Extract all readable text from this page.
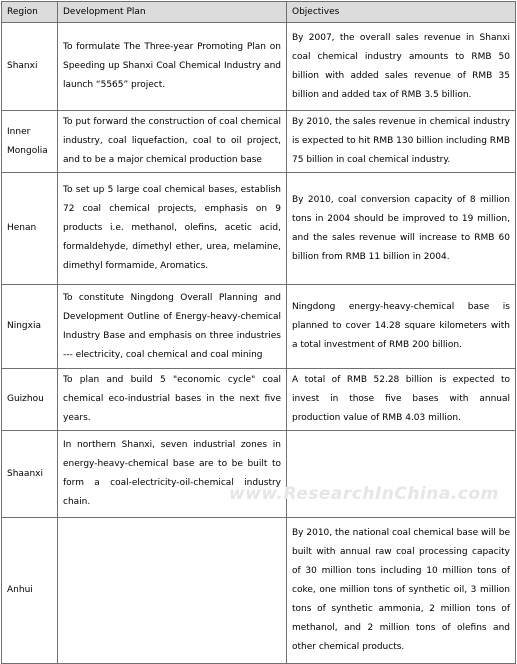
Region	Development Plan	Objectives
Shanxi	To formulate The Three-year Promoting Plan on Speeding up Shanxi Coal Chemical Industry and launch “5565” project.	By 2007, the overall sales revenue in Shanxi coal chemical industry amounts to RMB 50 billion with added sales revenue of RMB 35 billion and added tax of RMB 3.5 billion.
Inner Mongolia	To put forward the construction of coal chemical industry, coal liquefaction, coal to oil project, and to be a major chemical production base	By 2010, the sales revenue in chemical industry is expected to hit RMB 130 billion including RMB 75 billion in coal chemical industry.
Henan	To set up 5 large coal chemical bases, establish 72 coal chemical projects, emphasis on 9 products i.e. methanol, olefins, acetic acid, formaldehyde, dimethyl ether, urea, melamine, dimethyl formamide, Aromatics.	By 2010, coal conversion capacity of 8 million tons in 2004 should be improved to 19 million, and the sales revenue will increase to RMB 60 billion from RMB 11 billion in 2004.
Ningxia	To constitute Ningdong Overall Planning and Development Outline of Energy-heavy-chemical Industry Base and emphasis on three industries --- electricity, coal chemical and coal mining	Ningdong energy-heavy-chemical base is planned to cover 14.28 square kilometers with a total investment of RMB 200 billion.
Guizhou	To plan and build 5 "economic cycle" coal chemical eco-industrial bases in the next five years.	A total of RMB 52.28 billion is expected to invest in those five bases with annual production value of RMB 4.03 million.
Shaanxi	In northern Shanxi, seven industrial zones in energy-heavy-chemical base are to be built to form a coal-electricity-oil-chemical industry chain.	
Anhui		By 2010, the national coal chemical base will be built with annual raw coal processing capacity of 30 million tons including 10 million tons of coke, one million tons of synthetic oil, 3 million tons of synthetic ammonia, 2 million tons of methanol, and 2 million tons of olefins and other chemical products.
www.ResearchInChina.com
